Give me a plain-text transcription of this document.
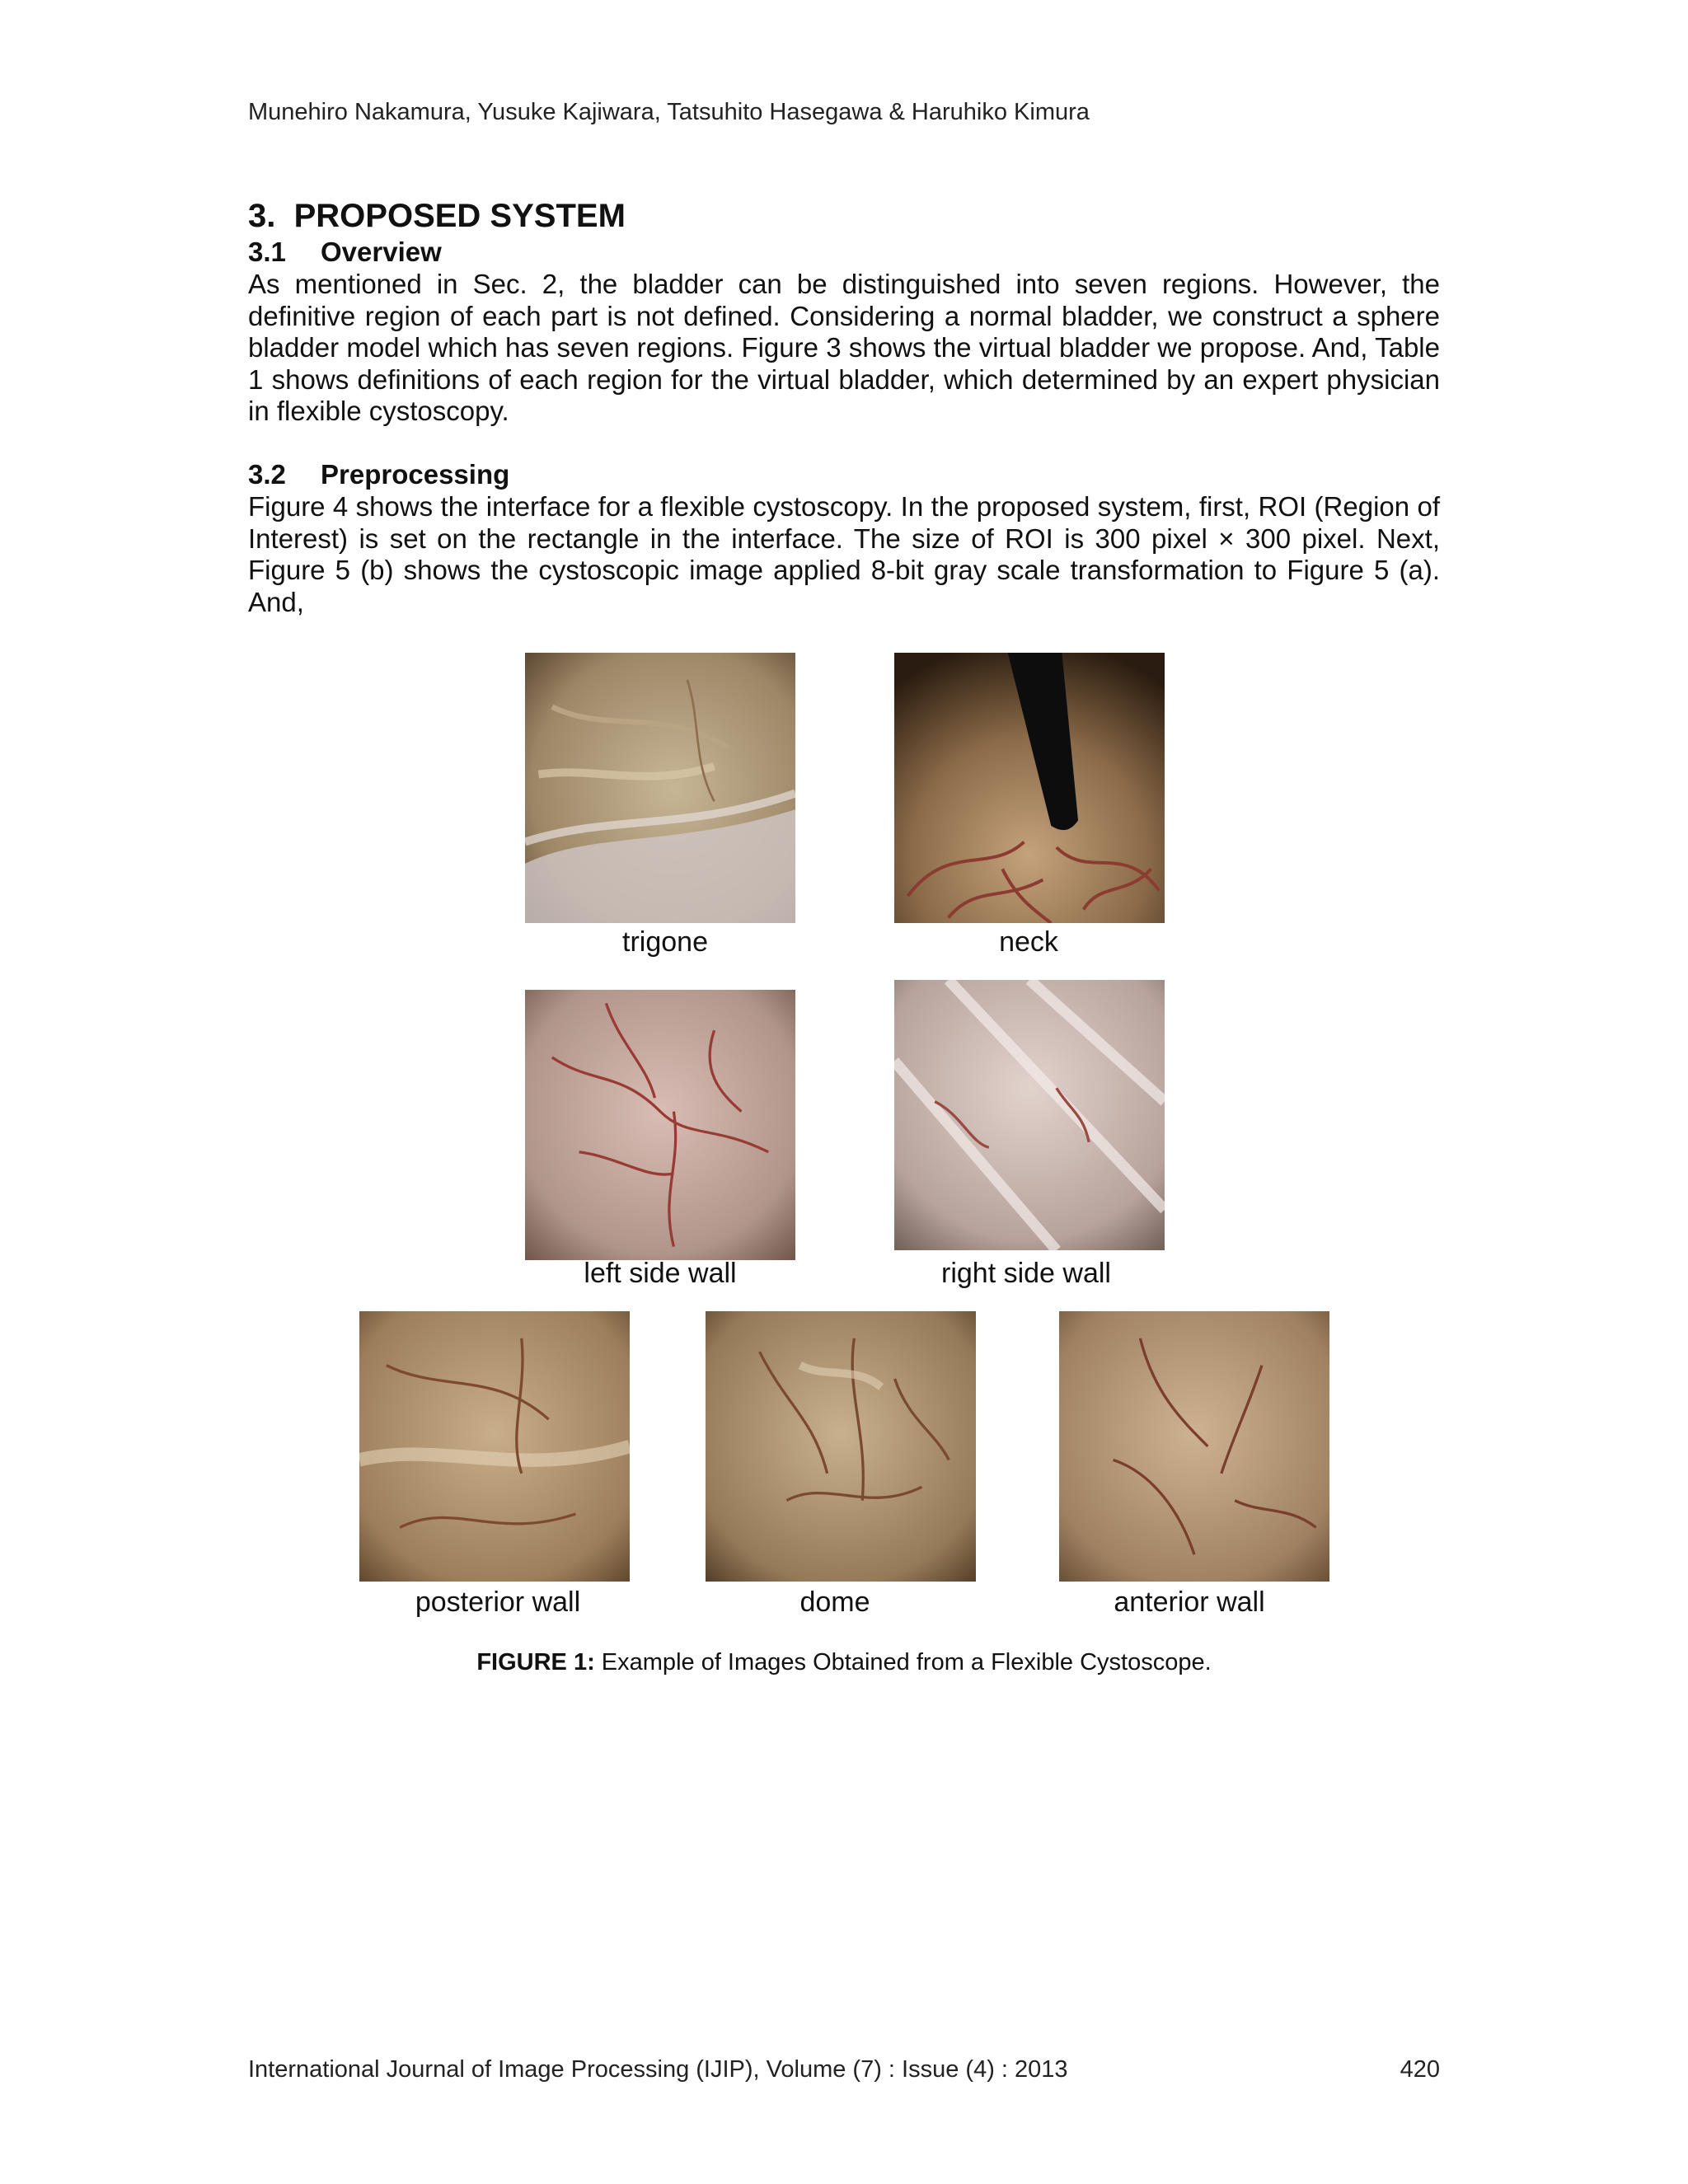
Munehiro Nakamura, Yusuke Kajiwara, Tatsuhito Hasegawa & Haruhiko Kimura
3. PROPOSED SYSTEM
3.1 Overview

As mentioned in Sec. 2, the bladder can be distinguished into seven regions. However, the definitive region of each part is not defined. Considering a normal bladder, we construct a sphere bladder model which has seven regions. Figure 3 shows the virtual bladder we propose. And, Table 1 shows definitions of each region for the virtual bladder, which determined by an expert physician in flexible cystoscopy.

3.2 Preprocessing

Figure 4 shows the interface for a flexible cystoscopy. In the proposed system, first, ROI (Region of Interest) is set on the rectangle in the interface. The size of ROI is 300 pixel × 300 pixel. Next, Figure 5 (b) shows the cystoscopic image applied 8-bit gray scale transformation to Figure 5 (a). And,

trigone	neck
left side wall	right side wall
posterior wall	dome	anterior wall
FIGURE 1: Example of Images Obtained from a Flexible Cystoscope.
International Journal of Image Processing (IJIP), Volume (7) : Issue (4) : 2013	420
